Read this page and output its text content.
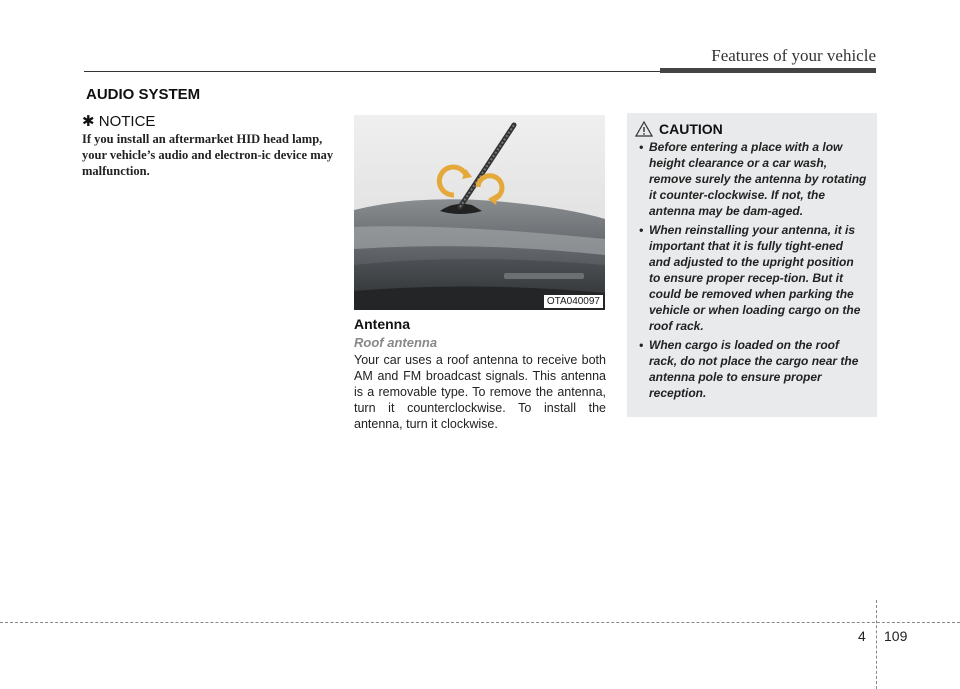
Features of your vehicle
AUDIO SYSTEM
✱ NOTICE
If you install an aftermarket HID head lamp, your vehicle’s audio and electron-ic device may malfunction.
OTA040097
Antenna
Roof antenna
Your car uses a roof antenna to receive both AM and FM broadcast signals. This antenna is a removable type. To remove the antenna, turn it counterclockwise. To install the antenna, turn it clockwise.
CAUTION
• Before entering a place with a low height clearance or a car wash, remove surely the antenna by rotating it counter-clockwise. If not, the antenna may be dam-aged.
• When reinstalling your antenna, it is important that it is fully tight-ened and adjusted to the upright position to ensure proper recep-tion. But it could be removed when parking the vehicle or when loading cargo on the roof rack.
• When cargo is loaded on the roof rack, do not place the cargo near the antenna pole to ensure proper reception.
4 109
